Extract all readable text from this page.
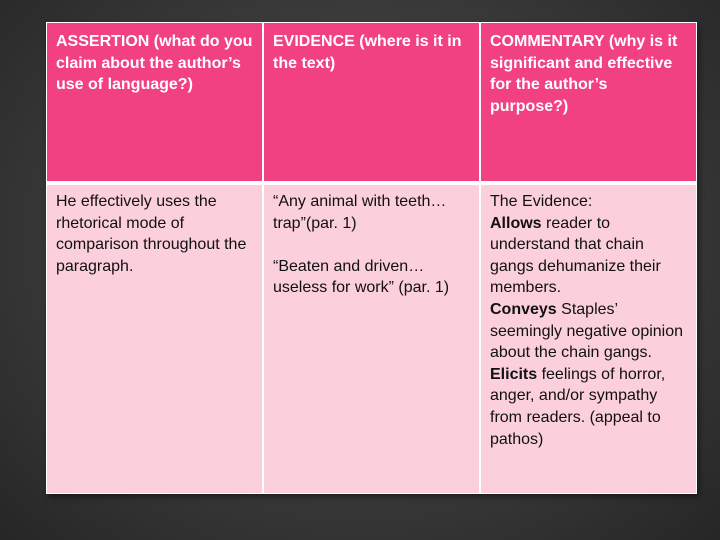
ASSERTION (what do you claim about the author’s use of language?)
EVIDENCE (where is it in the text)
COMMENTARY (why is it significant and effective for the author’s purpose?)
He effectively uses the rhetorical mode of comparison throughout the paragraph.
“Any animal with teeth…trap”(par. 1)
“Beaten and driven…useless for work” (par. 1)
The Evidence:
Allows reader to understand that chain gangs dehumanize their members.
Conveys Staples’ seemingly negative opinion about the chain gangs.
Elicits feelings of horror, anger, and/or sympathy from readers. (appeal to pathos)
